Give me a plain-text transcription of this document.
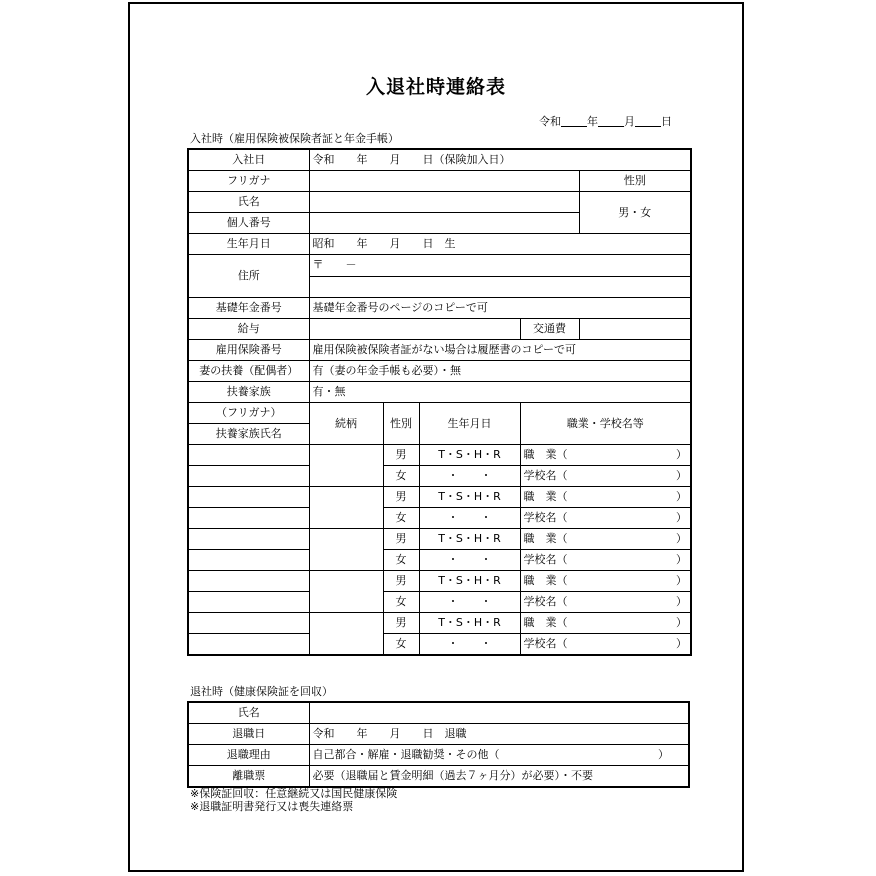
入退社時連絡表
令和 年 月 日
入社時（雇用保険被保険者証と年金手帳）
入社日	令和　　年　　月　　日（保険加入日）				
フリガナ					性別
氏名					男・女
個人番号					
生年月日	昭和　　年　　月　　日　生				
住所	〒　　－				

基礎年金番号	基礎年金番号のページのコピーで可				
給与				交通費	
雇用保険番号	雇用保険被保険者証がない場合は履歴書のコピーで可				
妻の扶養（配偶者）	有（妻の年金手帳も必要）・無				
扶養家族	有・無				
（フリガナ）	続柄	性別	生年月日	職業・学校名等	
扶養家族氏名					
		男	T・S・H・R	職　業（ ）	

		女	・　　・	学校名（ ）	

		男	T・S・H・R	職　業（ ）	

		女	・　　・	学校名（ ）	

		男	T・S・H・R	職　業（ ）	

		女	・　　・	学校名（ ）	

		男	T・S・H・R	職　業（ ）	

		女	・　　・	学校名（ ）	

		男	T・S・H・R	職　業（ ）	

		女	・　　・	学校名（ ）	
退社時（健康保険証を回収）
氏名	
退職日	令和　　年　　月　　日　退職
退職理由	自己都合・解雇・退職勧奨・その他（ ）

離職票	必要（退職届と賃金明細（過去７ヶ月分）が必要）・不要
※保険証回収：任意継続又は国民健康保険
※退職証明書発行又は喪失連絡票
